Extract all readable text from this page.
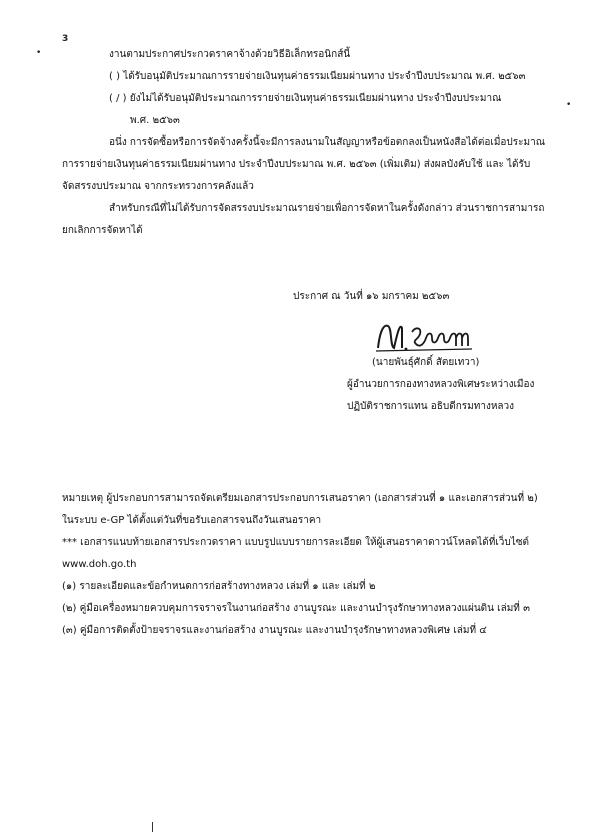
3
•
•
งานตามประกาศประกวดราคาจ้างด้วยวิธีอิเล็กทรอนิกส์นี้
( ) ได้รับอนุมัติประมาณการรายจ่ายเงินทุนค่าธรรมเนียมผ่านทาง ประจำปีงบประมาณ พ.ศ. ๒๕๖๓
( / ) ยังไม่ได้รับอนุมัติประมาณการรายจ่ายเงินทุนค่าธรรมเนียมผ่านทาง ประจำปีงบประมาณ
พ.ศ. ๒๕๖๓
อนึ่ง การจัดซื้อหรือการจัดจ้างครั้งนี้จะมีการลงนามในสัญญาหรือข้อตกลงเป็นหนังสือได้ต่อเมื่อประมาณ
การรายจ่ายเงินทุนค่าธรรมเนียมผ่านทาง ประจำปีงบประมาณ พ.ศ. ๒๕๖๓ (เพิ่มเติม) ส่งผลบังคับใช้ และ ได้รับ
จัดสรรงบประมาณ จากกระทรวงการคลังแล้ว
สำหรับกรณีที่ไม่ได้รับการจัดสรรงบประมาณรายจ่ายเพื่อการจัดหาในครั้งดังกล่าว ส่วนราชการสามารถ
ยกเลิกการจัดหาได้
ประกาศ ณ วันที่ ๑๖ มกราคม ๒๕๖๓
(นายพันธุ์ศักดิ์ สัตยเทวา)
ผู้อำนวยการกองทางหลวงพิเศษระหว่างเมือง
ปฏิบัติราชการแทน อธิบดีกรมทางหลวง
หมายเหตุ ผู้ประกอบการสามารถจัดเตรียมเอกสารประกอบการเสนอราคา (เอกสารส่วนที่ ๑ และเอกสารส่วนที่ ๒)
ในระบบ e-GP ได้ตั้งแต่วันที่ขอรับเอกสารจนถึงวันเสนอราคา
*** เอกสารแนบท้ายเอกสารประกวดราคา แบบรูปแบบรายการละเอียด ให้ผู้เสนอราคาดาวน์โหลดได้ที่เว็บไซต์
www.doh.go.th
(๑) รายละเอียดและข้อกำหนดการก่อสร้างทางหลวง เล่มที่ ๑ และ เล่มที่ ๒
(๒) คู่มือเครื่องหมายควบคุมการจราจรในงานก่อสร้าง งานบูรณะ และงานบำรุงรักษาทางหลวงแผ่นดิน เล่มที่ ๓
(๓) คู่มือการติดตั้งป้ายจราจรและงานก่อสร้าง งานบูรณะ และงานบำรุงรักษาทางหลวงพิเศษ เล่มที่ ๔
